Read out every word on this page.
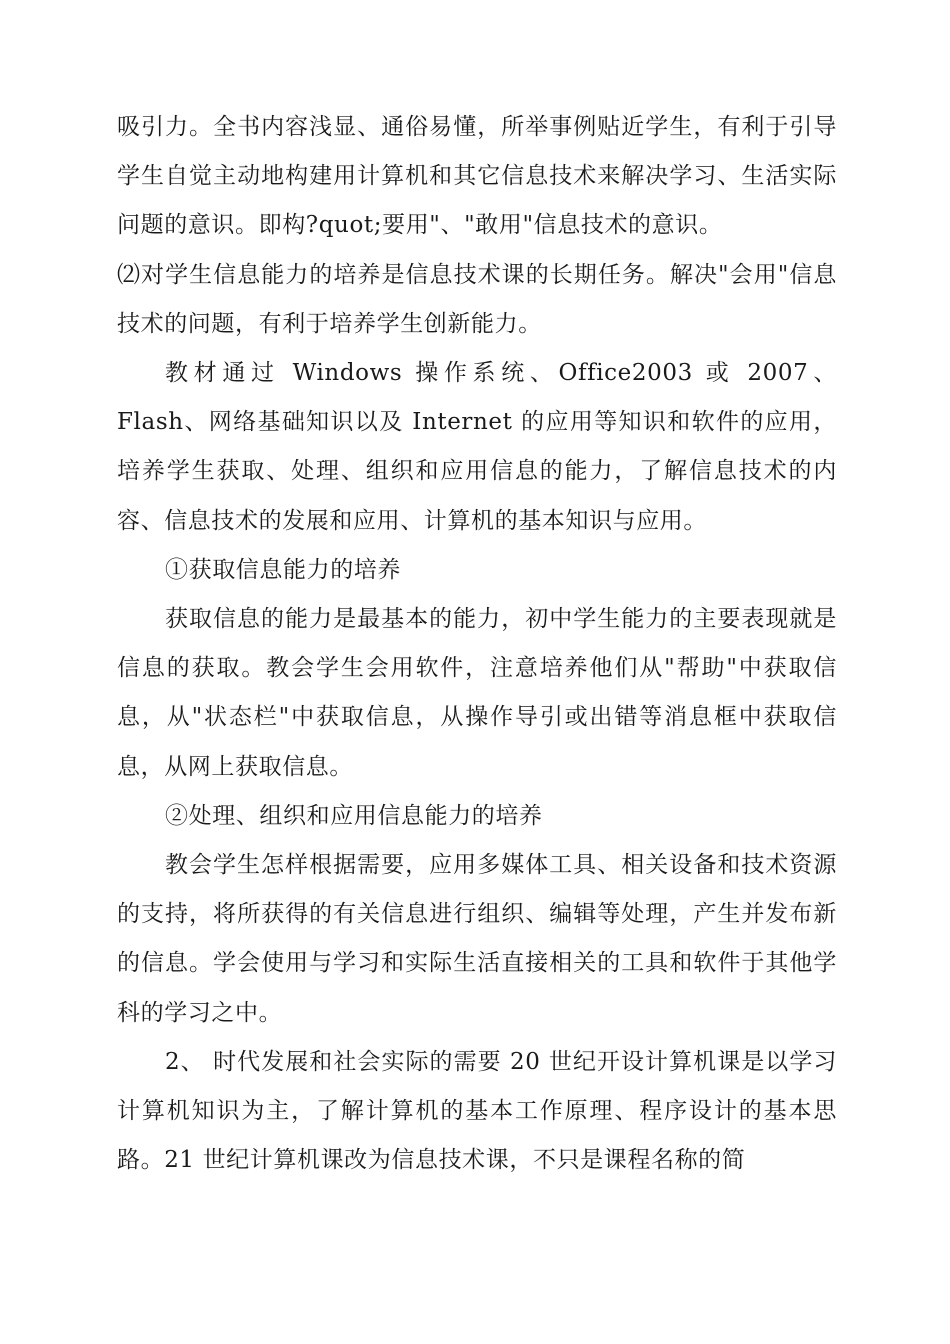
吸引力。全书内容浅显、通俗易懂，所举事例贴近学生，有利于引导学生自觉主动地构建用计算机和其它信息技术来解决学习、生活实际问题的意识。即构?quot;要用"、"敢用"信息技术的意识。

⑵对学生信息能力的培养是信息技术课的长期任务。解决"会用"信息技术的问题，有利于培养学生创新能力。

教材通过 Windows 操作系统、Office2003 或 2007、Flash、网络基础知识以及 Internet 的应用等知识和软件的应用，培养学生获取、处理、组织和应用信息的能力，了解信息技术的内容、信息技术的发展和应用、计算机的基本知识与应用。

①获取信息能力的培养

获取信息的能力是最基本的能力，初中学生能力的主要表现就是信息的获取。教会学生会用软件，注意培养他们从"帮助"中获取信息，从"状态栏"中获取信息，从操作导引或出错等消息框中获取信息，从网上获取信息。

②处理、组织和应用信息能力的培养

教会学生怎样根据需要，应用多媒体工具、相关设备和技术资源的支持，将所获得的有关信息进行组织、编辑等处理，产生并发布新的信息。学会使用与学习和实际生活直接相关的工具和软件于其他学科的学习之中。

2、 时代发展和社会实际的需要 20 世纪开设计算机课是以学习计算机知识为主，了解计算机的基本工作原理、程序设计的基本思路。21 世纪计算机课改为信息技术课，不只是课程名称的简
